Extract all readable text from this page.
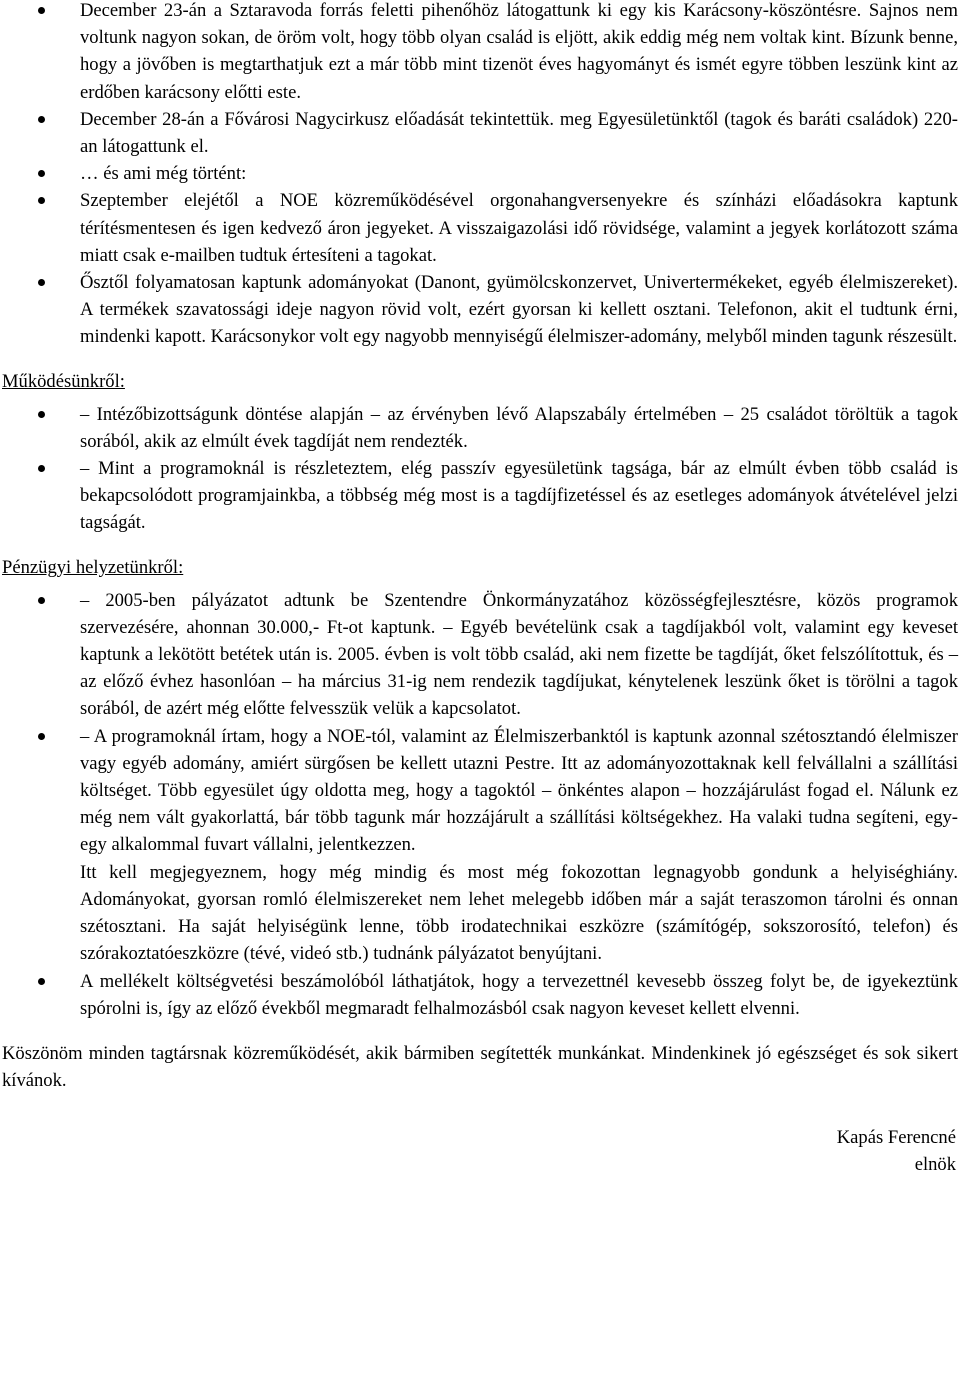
December 23-án a Sztaravoda forrás feletti pihenőhöz látogattunk ki egy kis Karácsony-köszöntésre. Sajnos nem voltunk nagyon sokan, de öröm volt, hogy több olyan család is eljött, akik eddig még nem voltak kint. Bízunk benne, hogy a jövőben is megtarthatjuk ezt a már több mint tizenöt éves hagyományt és ismét egyre többen leszünk kint az erdőben karácsony előtti este.
December 28-án a Fővárosi Nagycirkusz előadását tekintettük. meg Egyesületünktől (tagok és baráti családok) 220-an látogattunk el.
… és ami még történt:
Szeptember elejétől a NOE közreműködésével orgonahangversenyekre és színházi előadásokra kaptunk térítésmentesen és igen kedvező áron jegyeket. A visszaigazolási idő rövidsége, valamint a jegyek korlátozott száma miatt csak e-mailben tudtuk értesíteni a tagokat.
Ősztől folyamatosan kaptunk adományokat (Danont, gyümölcskonzervet, Univertermékeket, egyéb élelmiszereket). A termékek szavatossági ideje nagyon rövid volt, ezért gyorsan ki kellett osztani. Telefonon, akit el tudtunk érni, mindenki kapott. Karácsonykor volt egy nagyobb mennyiségű élelmiszer-adomány, melyből minden tagunk részesült.

Működésünkről:

– Intézőbizottságunk döntése alapján – az érvényben lévő Alapszabály értelmében – 25 családot töröltük a tagok sorából, akik az elmúlt évek tagdíját nem rendezték.
– Mint a programoknál is részleteztem, elég passzív egyesületünk tagsága, bár az elmúlt évben több család is bekapcsolódott programjainkba, a többség még most is a tagdíjfizetéssel és az esetleges adományok átvételével jelzi tagságát.

Pénzügyi helyzetünkről:

– 2005-ben pályázatot adtunk be Szentendre Önkormányzatához közösségfejlesztésre, közös programok szervezésére, ahonnan 30.000,- Ft-ot kaptunk. – Egyéb bevételünk csak a tagdíjakból volt, valamint egy keveset kaptunk a lekötött betétek után is. 2005. évben is volt több család, aki nem fizette be tagdíját, őket felszólítottuk, és – az előző évhez hasonlóan – ha március 31-ig nem rendezik tagdíjukat, kénytelenek leszünk őket is törölni a tagok sorából, de azért még előtte felvesszük velük a kapcsolatot.
– A programoknál írtam, hogy a NOE-tól, valamint az Élelmiszerbanktól is kaptunk azonnal szétosztandó élelmiszer vagy egyéb adomány, amiért sürgősen be kellett utazni Pestre. Itt az adományozottaknak kell felvállalni a szállítási költséget. Több egyesület úgy oldotta meg, hogy a tagoktól – önkéntes alapon – hozzájárulást fogad el. Nálunk ez még nem vált gyakorlattá, bár több tagunk már hozzájárult a szállítási költségekhez. Ha valaki tudna segíteni, egy-egy alkalommal fuvart vállalni, jelentkezzen.
Itt kell megjegyeznem, hogy még mindig és most még fokozottan legnagyobb gondunk a helyiséghiány. Adományokat, gyorsan romló élelmiszereket nem lehet melegebb időben már a saját teraszomon tárolni és onnan szétosztani. Ha saját helyiségünk lenne, több irodatechnikai eszközre (számítógép, sokszorosító, telefon) és szórakoztatóeszközre (tévé, videó stb.) tudnánk pályázatot benyújtani.
A mellékelt költségvetési beszámolóból láthatjátok, hogy a tervezettnél kevesebb összeg folyt be, de igyekeztünk spórolni is, így az előző évekből megmaradt felhalmozásból csak nagyon keveset kellett elvenni.

Köszönöm minden tagtársnak közreműködését, akik bármiben segítették munkánkat. Mindenkinek jó egészséget és sok sikert kívánok.

Kapás Ferencné
elnök
